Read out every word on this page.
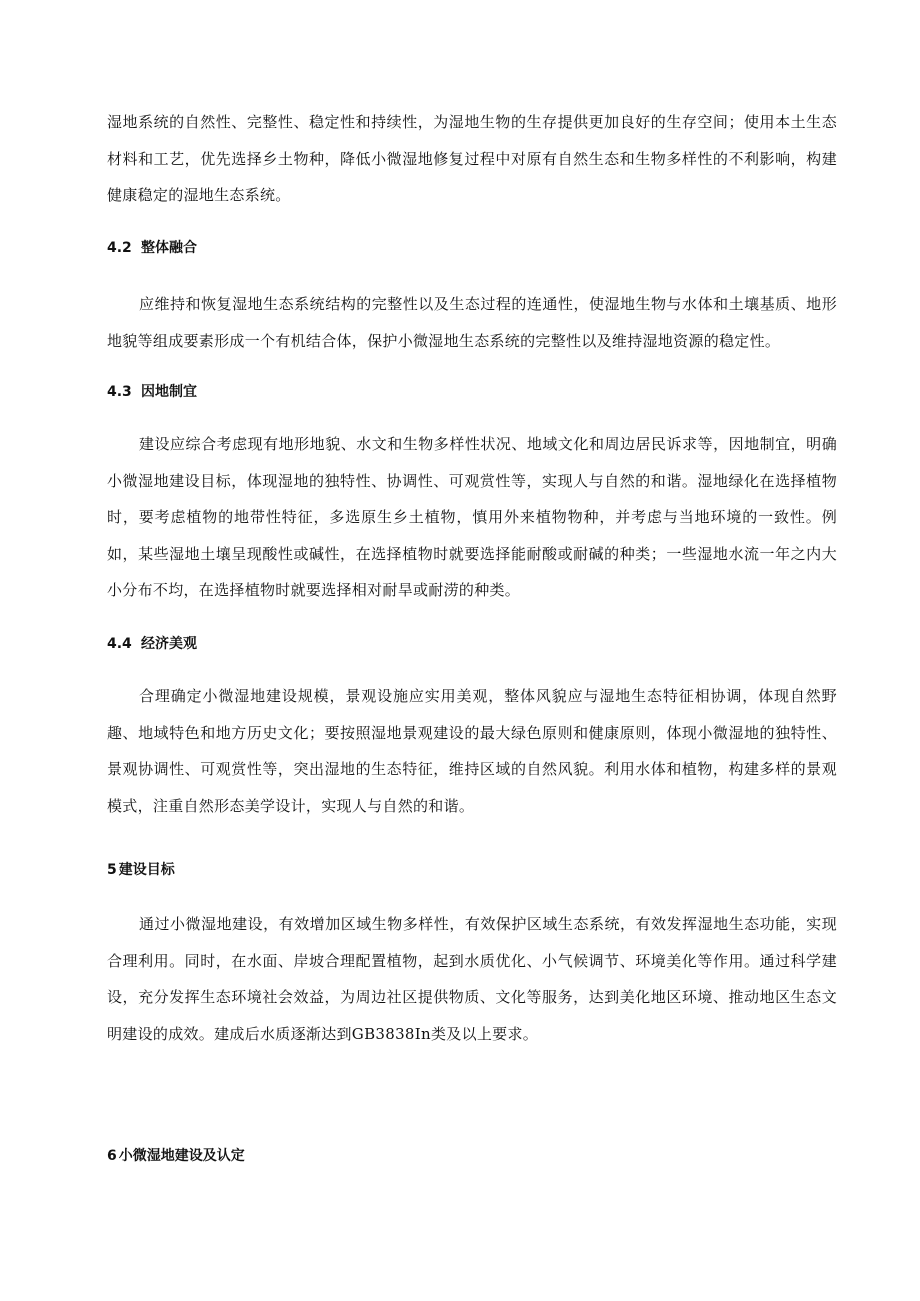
湿地系统的自然性、完整性、稳定性和持续性，为湿地生物的生存提供更加良好的生存空间；使用本土生态材料和工艺，优先选择乡土物种，降低小微湿地修复过程中对原有自然生态和生物多样性的不利影响，构建健康稳定的湿地生态系统。

4.2 整体融合

应维持和恢复湿地生态系统结构的完整性以及生态过程的连通性，使湿地生物与水体和土壤基质、地形地貌等组成要素形成一个有机结合体，保护小微湿地生态系统的完整性以及维持湿地资源的稳定性。

4.3 因地制宜

建设应综合考虑现有地形地貌、水文和生物多样性状况、地域文化和周边居民诉求等，因地制宜，明确小微湿地建设目标，体现湿地的独特性、协调性、可观赏性等，实现人与自然的和谐。湿地绿化在选择植物时，要考虑植物的地带性特征，多选原生乡土植物，慎用外来植物物种，并考虑与当地环境的一致性。例如，某些湿地土壤呈现酸性或碱性，在选择植物时就要选择能耐酸或耐碱的种类；一些湿地水流一年之内大小分布不均，在选择植物时就要选择相对耐旱或耐涝的种类。

4.4 经济美观

合理确定小微湿地建设规模，景观设施应实用美观，整体风貌应与湿地生态特征相协调，体现自然野趣、地域特色和地方历史文化；要按照湿地景观建设的最大绿色原则和健康原则，体现小微湿地的独特性、景观协调性、可观赏性等，突出湿地的生态特征，维持区域的自然风貌。利用水体和植物，构建多样的景观模式，注重自然形态美学设计，实现人与自然的和谐。

5 建设目标

通过小微湿地建设，有效增加区域生物多样性，有效保护区域生态系统，有效发挥湿地生态功能，实现合理利用。同时，在水面、岸坡合理配置植物，起到水质优化、小气候调节、环境美化等作用。通过科学建设，充分发挥生态环境社会效益，为周边社区提供物质、文化等服务，达到美化地区环境、推动地区生态文明建设的成效。建成后水质逐渐达到GB3838In类及以上要求。

6 小微湿地建设及认定
